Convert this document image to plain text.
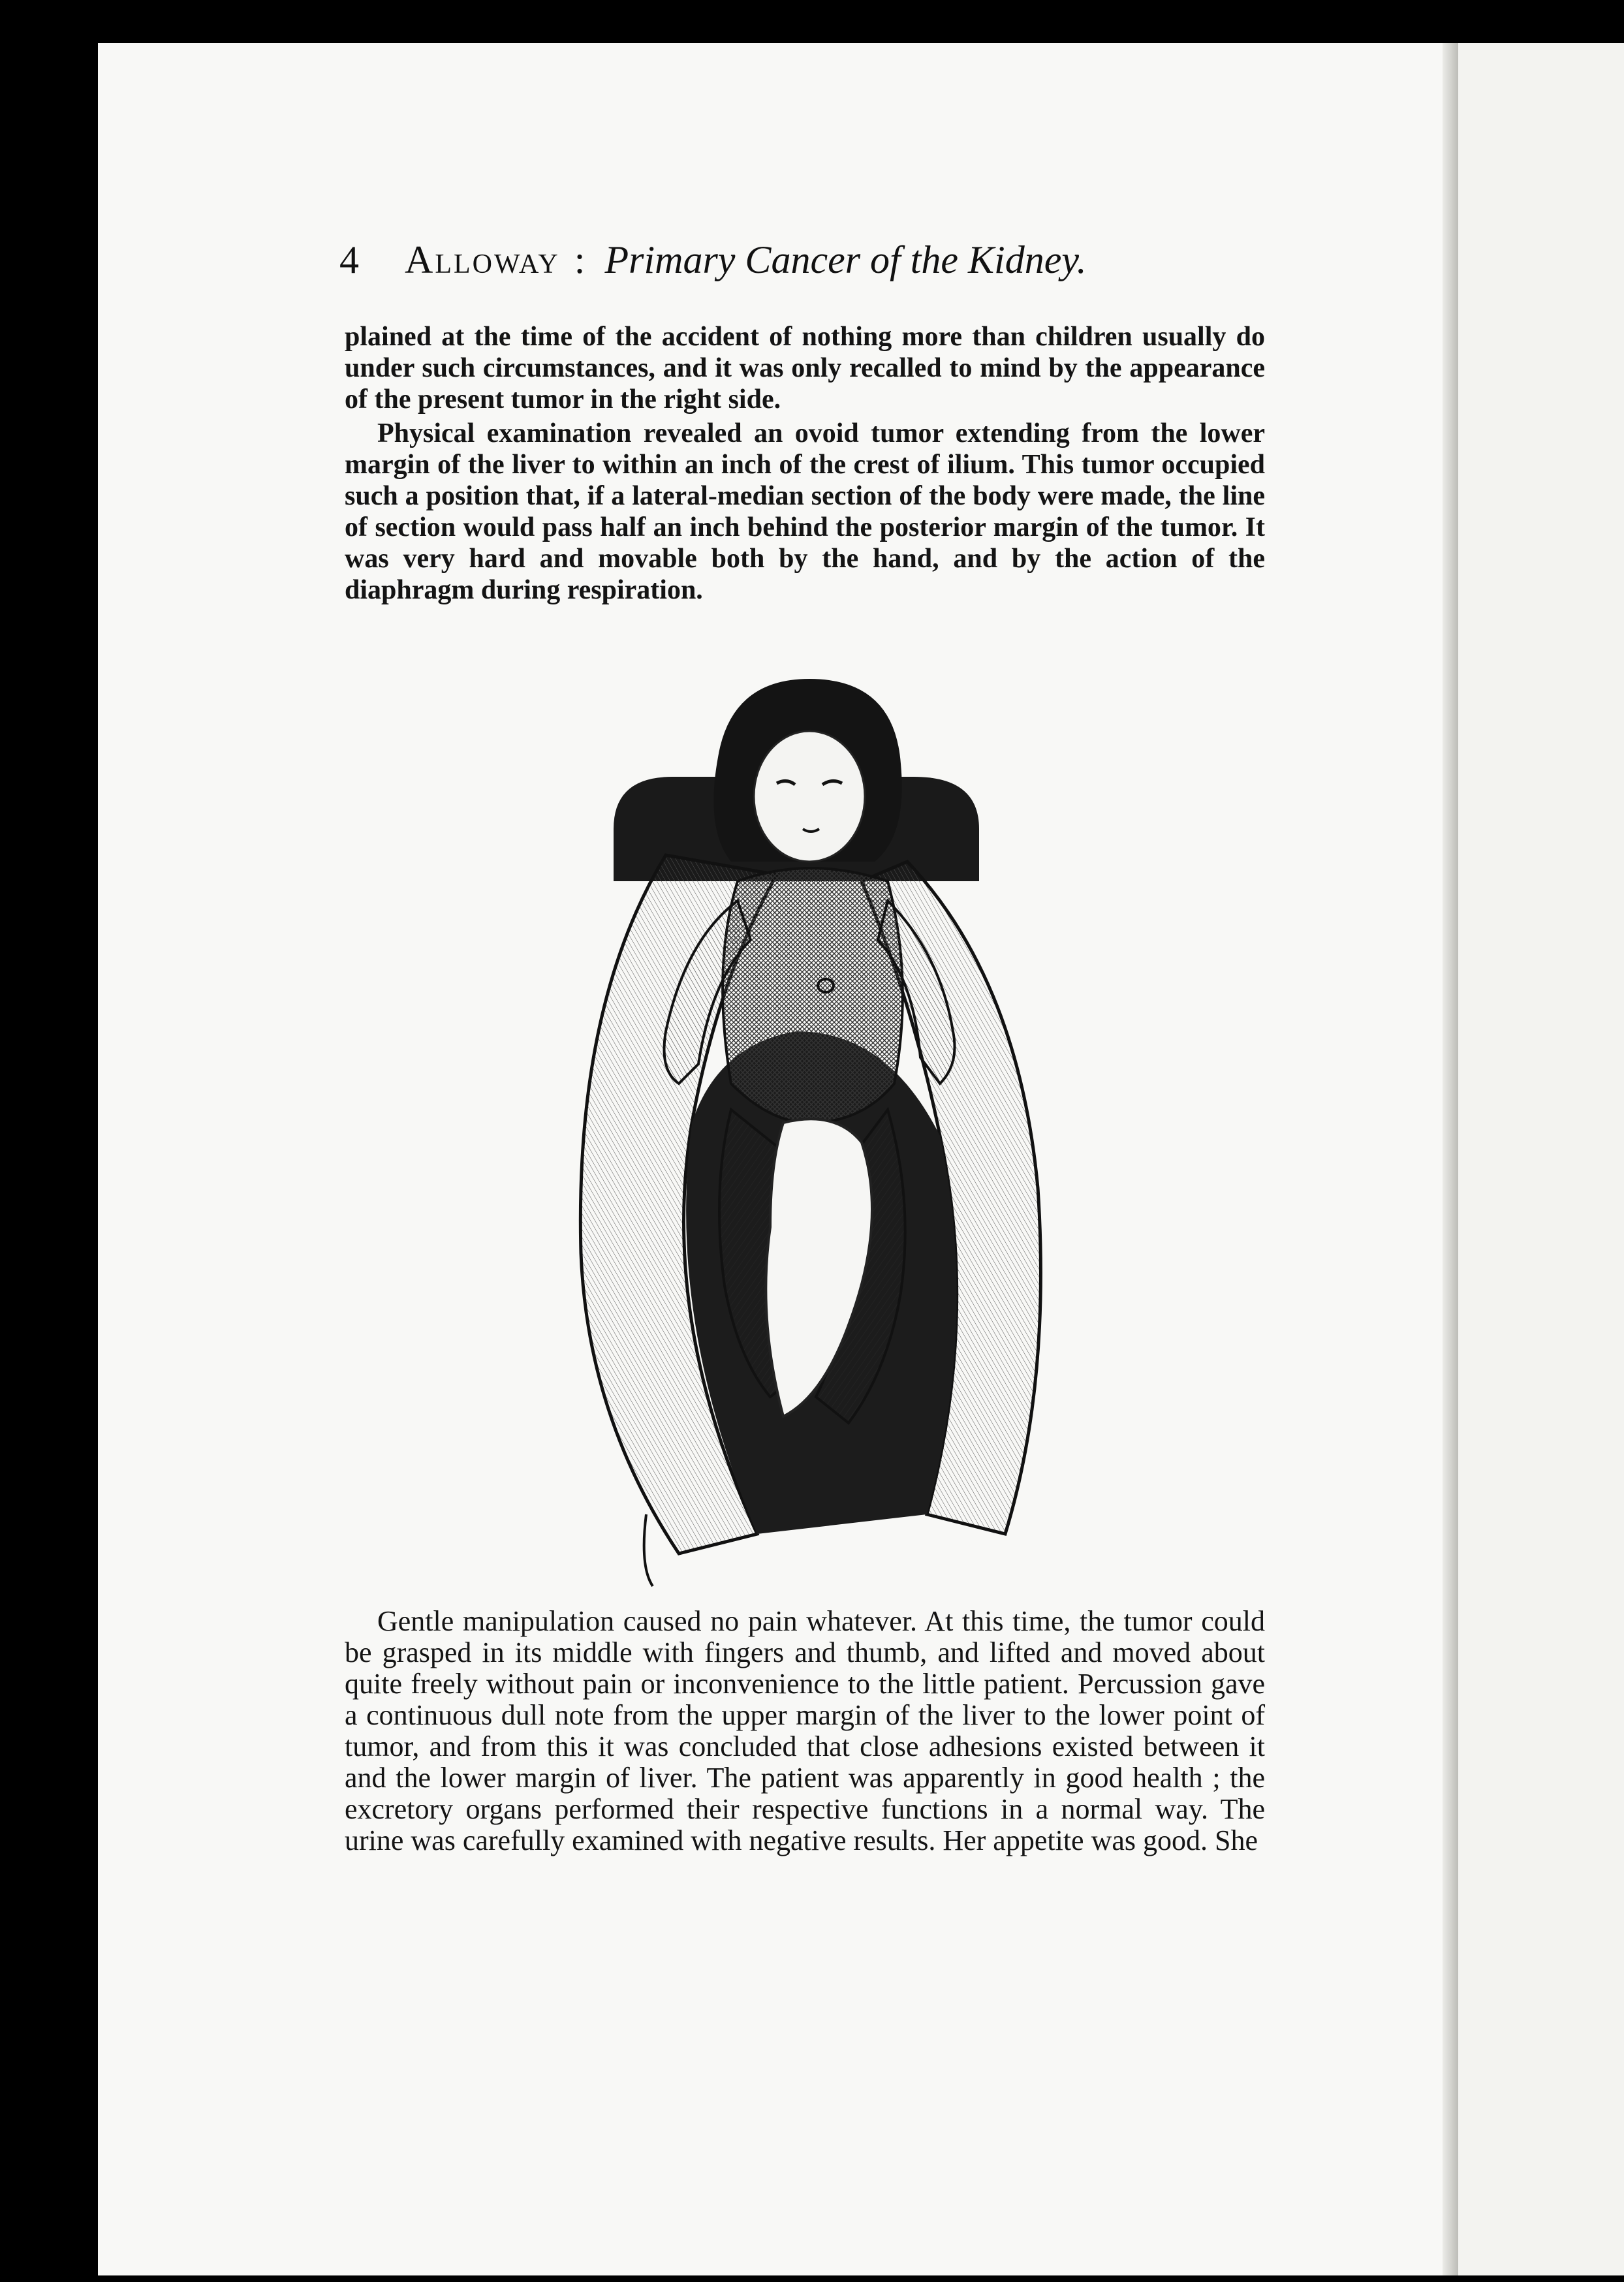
4 Alloway : Primary Cancer of the Kidney.

plained at the time of the accident of nothing more than children usually do under such circumstances, and it was only recalled to mind by the appearance of the present tumor in the right side.

Physical examination revealed an ovoid tumor extending from the lower margin of the liver to within an inch of the crest of ilium. This tumor occupied such a position that, if a lateral-median section of the body were made, the line of section would pass half an inch behind the posterior margin of the tumor. It was very hard and movable both by the hand, and by the action of the diaphragm during respiration.

Gentle manipulation caused no pain whatever. At this time, the tumor could be grasped in its middle with fingers and thumb, and lifted and moved about quite freely without pain or inconvenience to the little patient. Percussion gave a continuous dull note from the upper margin of the liver to the lower point of tumor, and from this it was concluded that close adhesions existed between it and the lower margin of liver. The patient was apparently in good health ; the excretory organs performed their respective functions in a normal way. The urine was carefully examined with negative results. Her appetite was good. She
